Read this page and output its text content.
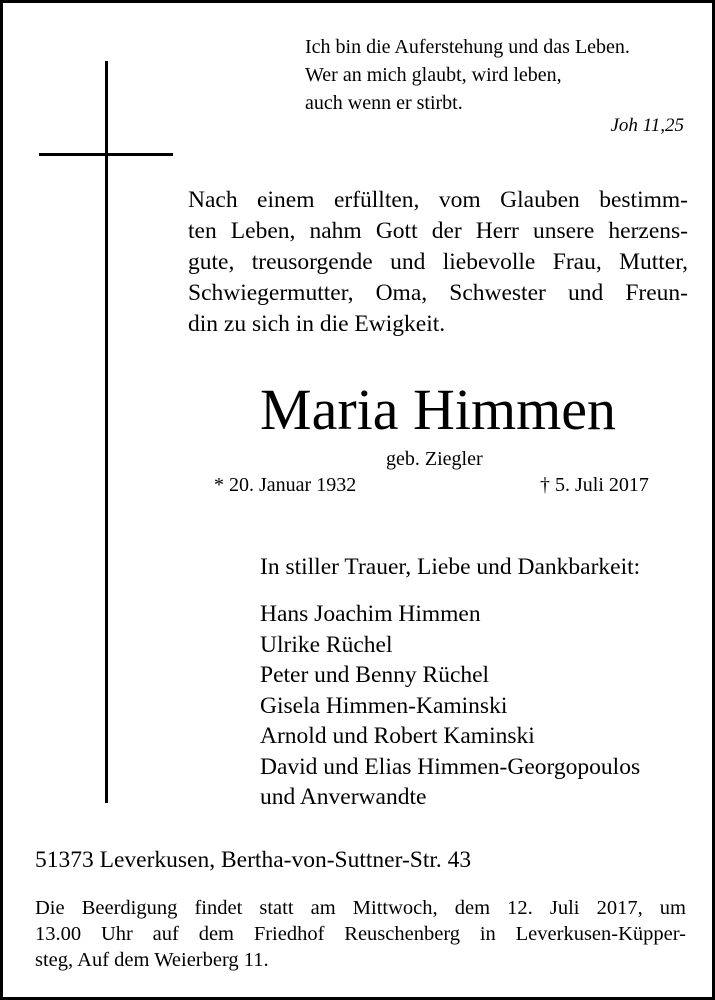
Ich bin die Auferstehung und das Leben.
Wer an mich glaubt, wird leben,
auch wenn er stirbt.
Joh 11,25
Nach einem erfüllten, vom Glauben bestimm-
ten Leben, nahm Gott der Herr unsere herzens-
gute, treusorgende und liebevolle Frau, Mutter,
Schwiegermutter, Oma, Schwester und Freun-
din zu sich in die Ewigkeit.
Maria Himmen
geb. Ziegler
* 20. Januar 1932	† 5. Juli 2017
In stiller Trauer, Liebe und Dankbarkeit:
Hans Joachim Himmen
Ulrike Rüchel
Peter und Benny Rüchel
Gisela Himmen-Kaminski
Arnold und Robert Kaminski
David und Elias Himmen-Georgopoulos
und Anverwandte
51373 Leverkusen, Bertha-von-Suttner-Str. 43
Die Beerdigung findet statt am Mittwoch, dem 12. Juli 2017, um
13.00 Uhr auf dem Friedhof Reuschenberg in Leverkusen-Küpper-
steg, Auf dem Weierberg 11.
